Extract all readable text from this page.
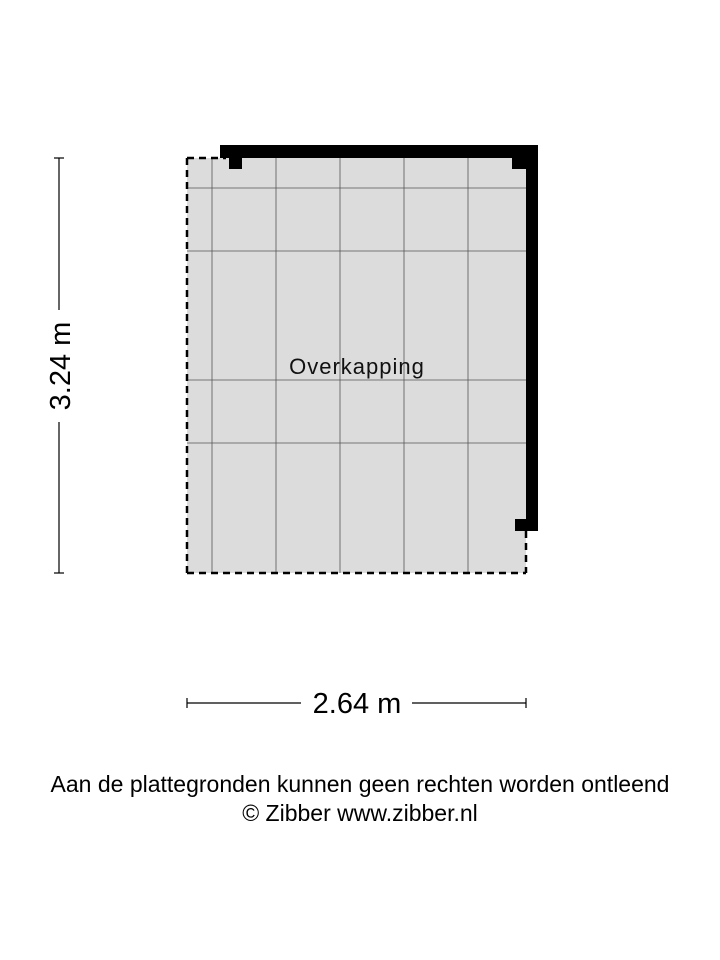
Overkapping
3.24 m
2.64 m
Aan de plattegronden kunnen geen rechten worden ontleend
© Zibber www.zibber.nl
